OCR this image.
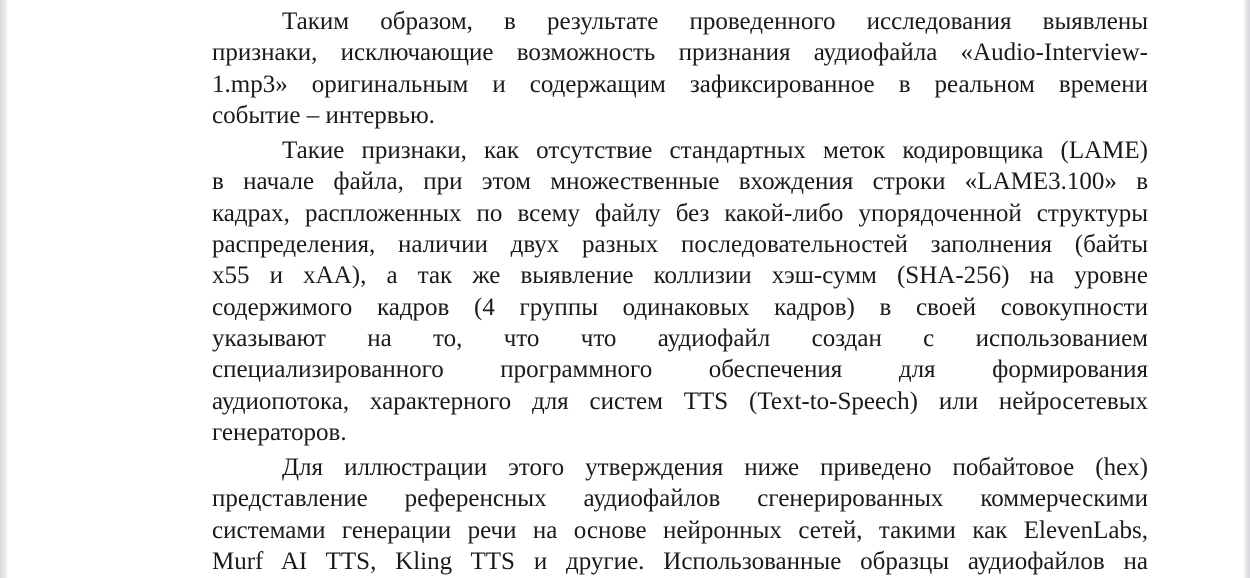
Таким образом, в результате проведенного исследования выявлены
признаки, исключающие возможность признания аудиофайла «Audio-Interview-
1.mp3» оригинальным и содержащим зафиксированное в реальном времени
событие – интервью.

Такие признаки, как отсутствие стандартных меток кодировщика (LAME)
в начале файла, при этом множественные вхождения строки «LAME3.100» в
кадрах, распложенных по всему файлу без какой-либо упорядоченной структуры
распределения, наличии двух разных последовательностей заполнения (байты
x55 и xAA), а так же выявление коллизии хэш-сумм (SHA-256) на уровне
содержимого кадров (4 группы одинаковых кадров) в своей совокупности
указывают на то, что что аудиофайл создан с использованием
специализированного программного обеспечения для формирования
аудиопотока, характерного для систем TTS (Text-to-Speech) или нейросетевых
генераторов.

Для иллюстрации этого утверждения ниже приведено побайтовое (hex)
представление референсных аудиофайлов сгенерированных коммерческими
системами генерации речи на основе нейронных сетей, такими как ElevenLabs,
Murf AI TTS, Kling TTS и другие. Использованные образцы аудиофайлов на
